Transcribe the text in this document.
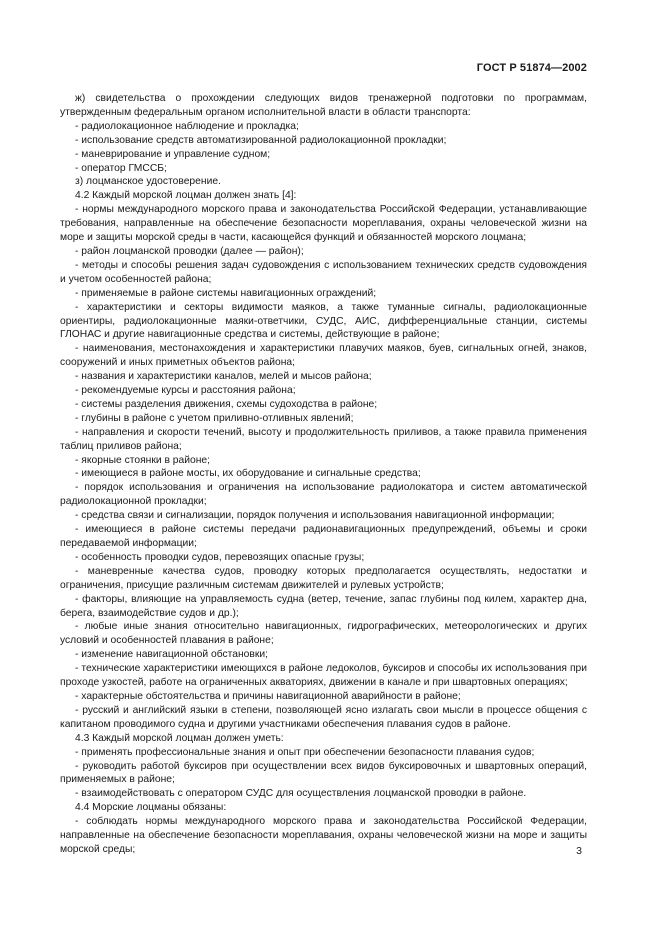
ГОСТ Р 51874—2002

ж) свидетельства о прохождении следующих видов тренажерной подготовки по программам, утвержденным федеральным органом исполнительной власти в области транспорта:

- радиолокационное наблюдение и прокладка;

- использование средств автоматизированной радиолокационной прокладки;

- маневрирование и управление судном;

- оператор ГМССБ;

з) лоцманское удостоверение.

4.2 Каждый морской лоцман должен знать [4]:

- нормы международного морского права и законодательства Российской Федерации, устанавливающие требования, направленные на обеспечение безопасности мореплавания, охраны человеческой жизни на море и защиты морской среды в части, касающейся функций и обязанностей морского лоцмана;

- район лоцманской проводки (далее — район);

- методы и способы решения задач судовождения с использованием технических средств судовождения и учетом особенностей района;

- применяемые в районе системы навигационных ограждений;

- характеристики и секторы видимости маяков, а также туманные сигналы, радиолокационные ориентиры, радиолокационные маяки-ответчики, СУДС, АИС, дифференциальные станции, системы ГЛОНАС и другие навигационные средства и системы, действующие в районе;

- наименования, местонахождения и характеристики плавучих маяков, буев, сигнальных огней, знаков, сооружений и иных приметных объектов района;

- названия и характеристики каналов, мелей и мысов района;

- рекомендуемые курсы и расстояния района;

- системы разделения движения, схемы судоходства в районе;

- глубины в районе с учетом приливно-отливных явлений;

- направления и скорости течений, высоту и продолжительность приливов, а также правила применения таблиц приливов района;

- якорные стоянки в районе;

- имеющиеся в районе мосты, их оборудование и сигнальные средства;

- порядок использования и ограничения на использование радиолокатора и систем автоматической радиолокационной прокладки;

- средства связи и сигнализации, порядок получения и использования навигационной информации;

- имеющиеся в районе системы передачи радионавигационных предупреждений, объемы и сроки передаваемой информации;

- особенность проводки судов, перевозящих опасные грузы;

- маневренные качества судов, проводку которых предполагается осуществлять, недостатки и ограничения, присущие различным системам движителей и рулевых устройств;

- факторы, влияющие на управляемость судна (ветер, течение, запас глубины под килем, характер дна, берега, взаимодействие судов и др.);

- любые иные знания относительно навигационных, гидрографических, метеорологических и других условий и особенностей плавания в районе;

- изменение навигационной обстановки;

- технические характеристики имеющихся в районе ледоколов, буксиров и способы их использования при проходе узкостей, работе на ограниченных акваториях, движении в канале и при швартовных операциях;

- характерные обстоятельства и причины навигационной аварийности в районе;

- русский и английский языки в степени, позволяющей ясно излагать свои мысли в процессе общения с капитаном проводимого судна и другими участниками обеспечения плавания судов в районе.

4.3 Каждый морской лоцман должен уметь:

- применять профессиональные знания и опыт при обеспечении безопасности плавания судов;

- руководить работой буксиров при осуществлении всех видов буксировочных и швартовных операций, применяемых в районе;

- взаимодействовать с оператором СУДС для осуществления лоцманской проводки в районе.

4.4 Морские лоцманы обязаны:

- соблюдать нормы международного морского права и законодательства Российской Федерации, направленные на обеспечение безопасности мореплавания, охраны человеческой жизни на море и защиты морской среды;	3
